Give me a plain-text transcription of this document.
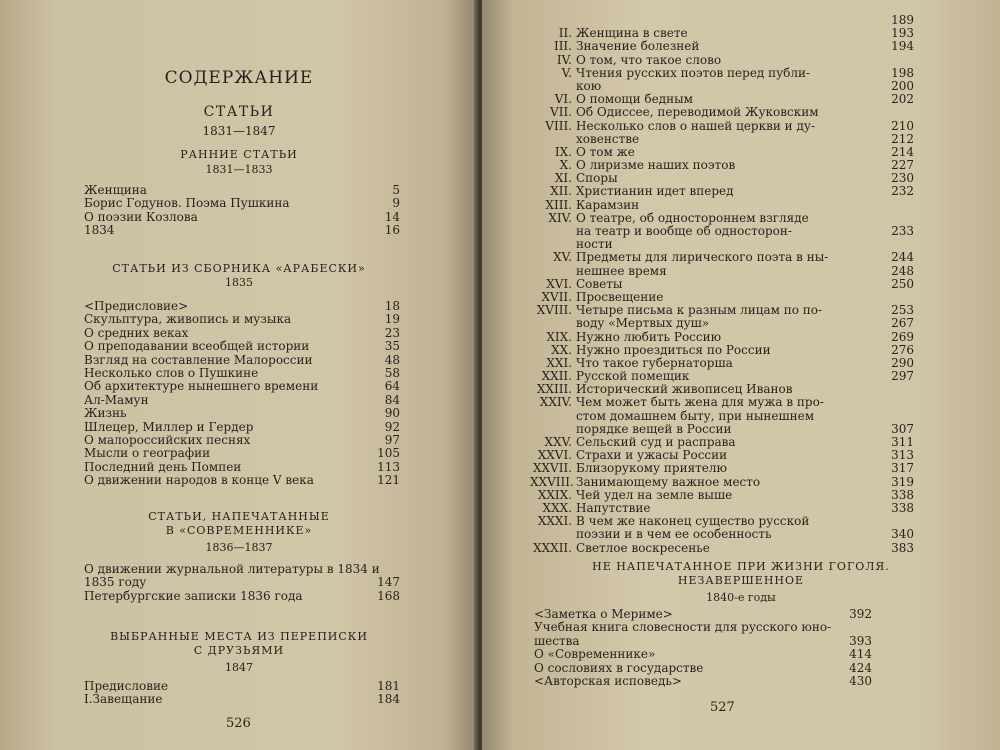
СОДЕРЖАНИЕ
СТАТЬИ
1831—1847
РАННИЕ СТАТЬИ
1831—1833
Женщина	5
Борис Годунов. Поэма Пушкина	9
О поэзии Козлова	14
1834	16
СТАТЬИ ИЗ СБОРНИКА «АРАБЕСКИ»
1835
<Предисловие>	18
Скульптура, живопись и музыка	19
О средних веках	23
О преподавании всеобщей истории	35
Взгляд на составление Малороссии	48
Несколько слов о Пушкине	58
Об архитектуре нынешнего времени	64
Ал-Мамун	84
Жизнь	90
Шлецер, Миллер и Гердер	92
О малороссийских песнях	97
Мысли о географии	105
Последний день Помпеи	113
О движении народов в конце V века	121
СТАТЬИ, НАПЕЧАТАННЫЕ
В «СОВРЕМЕННИКЕ»
1836—1837
О движении журнальной литературы в 1834 и
1835 году	147
Петербургские записки 1836 года	168
ВЫБРАННЫЕ МЕСТА ИЗ ПЕРЕПИСКИ
С ДРУЗЬЯМИ
1847
Предисловие	181
I.Завещание	184
526
189
II. Женщина в свете	193
III. Значение болезней	194
IV. О том, что такое слово
V. Чтения русских поэтов перед публи-	198
кою	200
VI. О помощи бедным	202
VII. Об Одиссее, переводимой Жуковским
VIII. Несколько слов о нашей церкви и ду-	210
ховенстве	212
IX. О том же	214
X. О лиризме наших поэтов	227
XI. Споры	230
XII. Христианин идет вперед	232
XIII. Карамзин
XIV. О театре, об одностороннем взгляде
на театр и вообще об односторон-	233
ности
XV. Предметы для лирического поэта в ны-	244
нешнее время	248
XVI. Советы	250
XVII. Просвещение
XVIII. Четыре письма к разным лицам по по-	253
воду «Мертвых душ»	267
XIX. Нужно любить Россию	269
XX. Нужно проездиться по России	276
XXI. Что такое губернаторша	290
XXII. Русской помещик	297
XXIII. Исторический живописец Иванов
XXIV. Чем может быть жена для мужа в про-
стом домашнем быту, при нынешнем
порядке вещей в России	307
XXV. Сельский суд и расправа	311
XXVI. Страхи и ужасы России	313
XXVII. Близорукому приятелю	317
XXVIII. Занимающему важное место	319
XXIX. Чей удел на земле выше	338
XXX. Напутствие	338
XXXI. В чем же наконец существо русской
поэзии и в чем ее особенность	340
XXXII. Светлое воскресенье	383
НЕ НАПЕЧАТАННОЕ ПРИ ЖИЗНИ ГОГОЛЯ.
НЕЗАВЕРШЕННОЕ
1840-е годы
<Заметка о Мериме>	392
Учебная книга словесности для русского юно-
шества	393
О «Современнике»	414
О сословиях в государстве	424
<Авторская исповедь>	430
527
